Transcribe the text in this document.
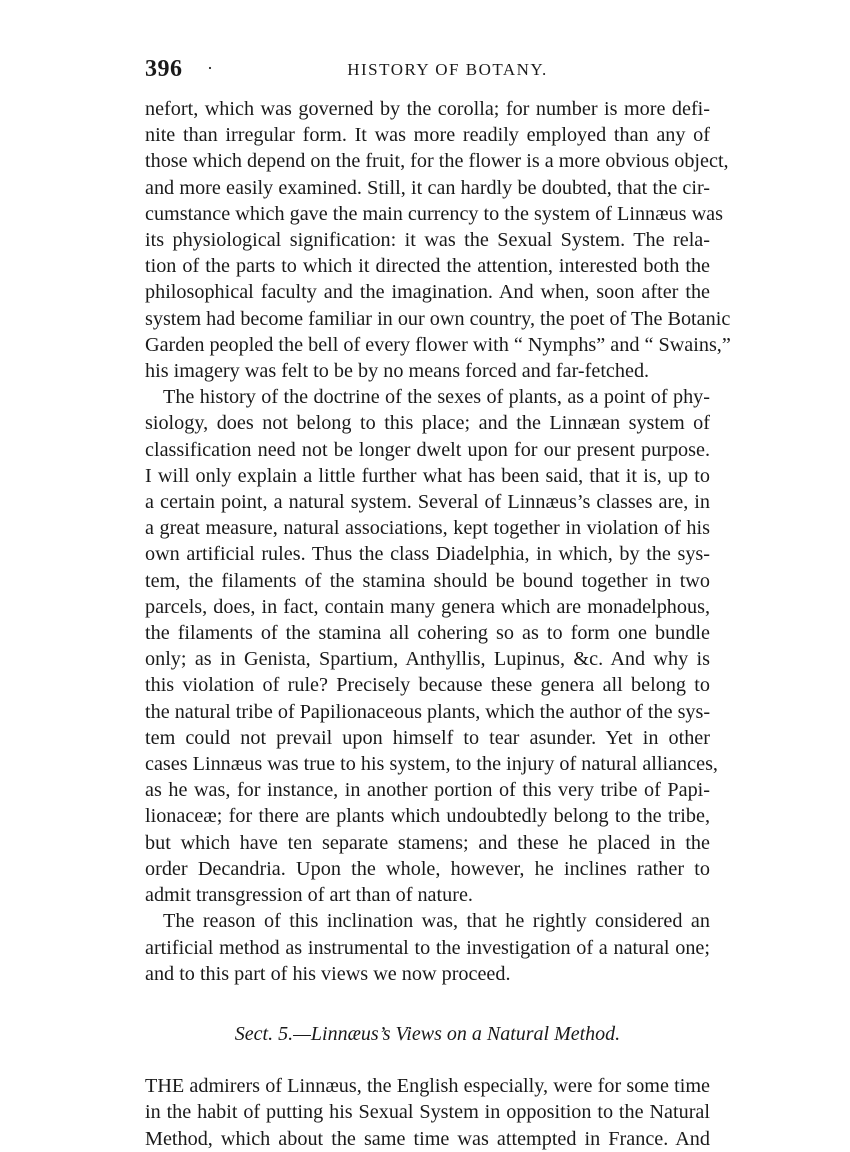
396 ·	HISTORY OF BOTANY.
nefort, which was governed by the corolla; for number is more defi-
nite than irregular form. It was more readily employed than any of
those which depend on the fruit, for the flower is a more obvious object,
and more easily examined. Still, it can hardly be doubted, that the cir-
cumstance which gave the main currency to the system of Linnæus was
its physiological signification: it was the Sexual System. The rela-
tion of the parts to which it directed the attention, interested both the
philosophical faculty and the imagination. And when, soon after the
system had become familiar in our own country, the poet of The Botanic
Garden peopled the bell of every flower with “ Nymphs” and “ Swains,”
his imagery was felt to be by no means forced and far-fetched.
The history of the doctrine of the sexes of plants, as a point of phy-
siology, does not belong to this place; and the Linnæan system of
classification need not be longer dwelt upon for our present purpose.
I will only explain a little further what has been said, that it is, up to
a certain point, a natural system. Several of Linnæus’s classes are, in
a great measure, natural associations, kept together in violation of his
own artificial rules. Thus the class Diadelphia, in which, by the sys-
tem, the filaments of the stamina should be bound together in two
parcels, does, in fact, contain many genera which are monadelphous,
the filaments of the stamina all cohering so as to form one bundle
only; as in Genista, Spartium, Anthyllis, Lupinus, &c. And why is
this violation of rule? Precisely because these genera all belong to
the natural tribe of Papilionaceous plants, which the author of the sys-
tem could not prevail upon himself to tear asunder. Yet in other
cases Linnæus was true to his system, to the injury of natural alliances,
as he was, for instance, in another portion of this very tribe of Papi-
lionaceæ; for there are plants which undoubtedly belong to the tribe,
but which have ten separate stamens; and these he placed in the
order Decandria. Upon the whole, however, he inclines rather to
admit transgression of art than of nature.
The reason of this inclination was, that he rightly considered an
artificial method as instrumental to the investigation of a natural one;
and to this part of his views we now proceed.
Sect. 5.—Linnæus’s Views on a Natural Method.
THE admirers of Linnæus, the English especially, were for some time
in the habit of putting his Sexual System in opposition to the Natural
Method, which about the same time was attempted in France. And
